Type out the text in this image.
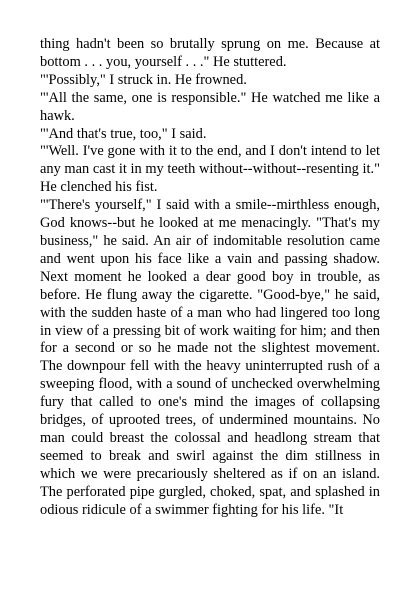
thing hadn't been so brutally sprung on me. Because at bottom . . . you, yourself . . ." He stuttered.

"'Possibly," I struck in. He frowned.

"'All the same, one is responsible." He watched me like a hawk.

"'And that's true, too," I said.

"'Well. I've gone with it to the end, and I don't intend to let any man cast it in my teeth without--without--resenting it." He clenched his fist.

"'There's yourself," I said with a smile--mirthless enough, God knows--but he looked at me menacingly. "That's my business," he said. An air of indomitable resolution came and went upon his face like a vain and passing shadow. Next moment he looked a dear good boy in trouble, as before. He flung away the cigarette. "Good-bye," he said, with the sudden haste of a man who had lingered too long in view of a pressing bit of work waiting for him; and then for a second or so he made not the slightest movement. The downpour fell with the heavy uninterrupted rush of a sweeping flood, with a sound of unchecked overwhelming fury that called to one's mind the images of collapsing bridges, of uprooted trees, of undermined mountains. No man could breast the colossal and headlong stream that seemed to break and swirl against the dim stillness in which we were precariously sheltered as if on an island. The perforated pipe gurgled, choked, spat, and splashed in odious ridicule of a swimmer fighting for his life. "It
